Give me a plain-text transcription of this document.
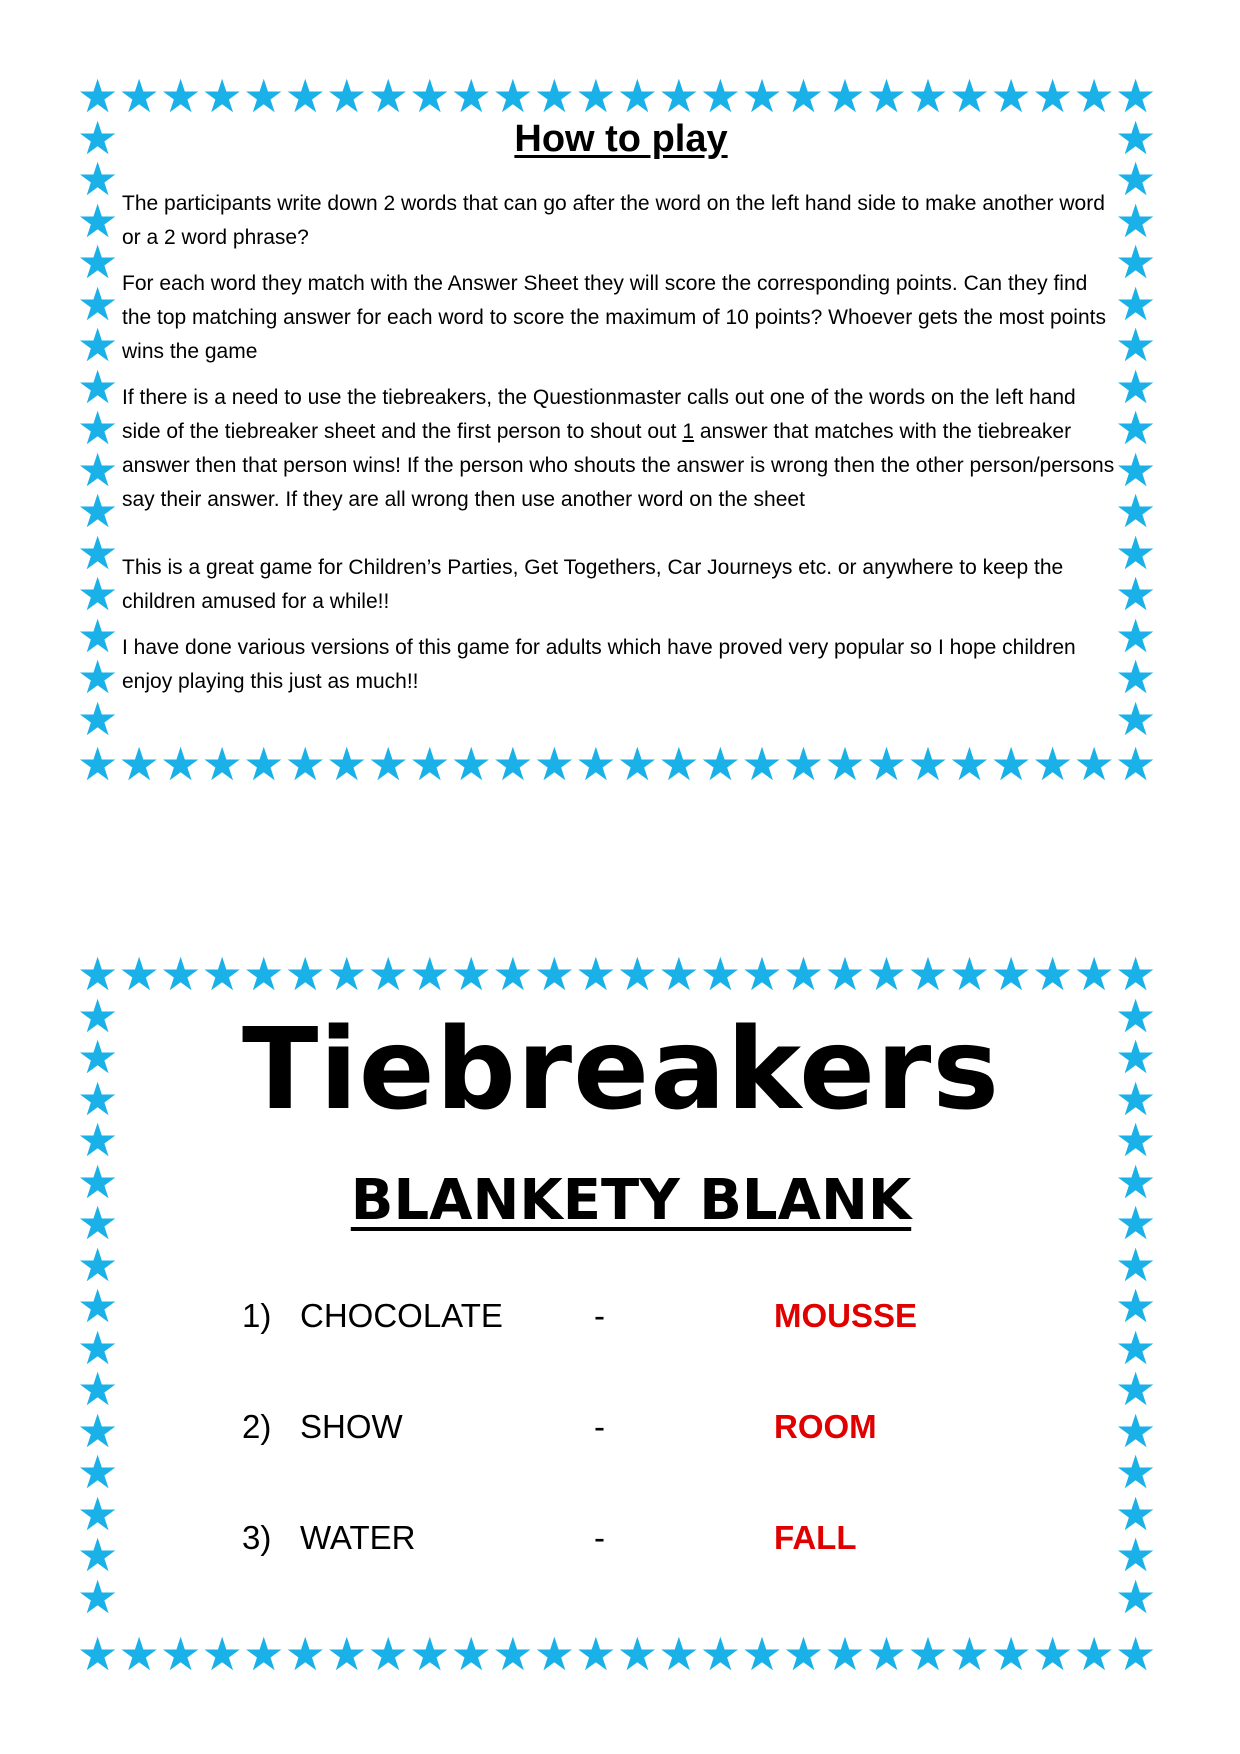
★
★
★
★
★
★
★
★
★
★
★
★
★
★
★
★
★
★
★
★
★
★
★
★
★
★
★
★
★
★
★
★
★
★
★
★
★
★
★
★
★
★
★
★
★
★
★
★
★
★
★
★
★	★
★	★
★	★
★	★
★	★
★	★
★	★
★	★
★	★
★	★
★	★
★	★
★	★
★	★
★	★
★
★
★
★
★
★
★
★
★
★
★
★
★
★
★
★
★
★
★
★
★
★
★
★
★
★
★
★
★
★
★
★
★
★
★
★
★
★
★
★
★
★
★
★
★
★
★
★
★
★
★
★
★	★
★	★
★	★
★	★
★	★
★	★
★	★
★	★
★	★
★	★
★	★
★	★
★	★
★	★
★	★
How to play

The participants write down 2 words that can go after the word on the left hand side to make another word or a 2 word phrase?

For each word they match with the Answer Sheet they will score the corresponding points. Can they find the top matching answer for each word to score the maximum of 10 points? Whoever gets the most points wins the game

If there is a need to use the tiebreakers, the Questionmaster calls out one of the words on the left hand side of the tiebreaker sheet and the first person to shout out 1 answer that matches with the tiebreaker answer then that person wins! If the person who shouts the answer is wrong then the other person/persons say their answer. If they are all wrong then use another word on the sheet

This is a great game for Children’s Parties, Get Togethers, Car Journeys etc. or anywhere to keep the children amused for a while!!

I have done various versions of this game for adults which have proved very popular so I hope children enjoy playing this just as much!!

Tiebreakers
BLANKETY BLANK
1) CHOCOLATE	-	MOUSSE
2) SHOW	-	ROOM
3) WATER	-	FALL
